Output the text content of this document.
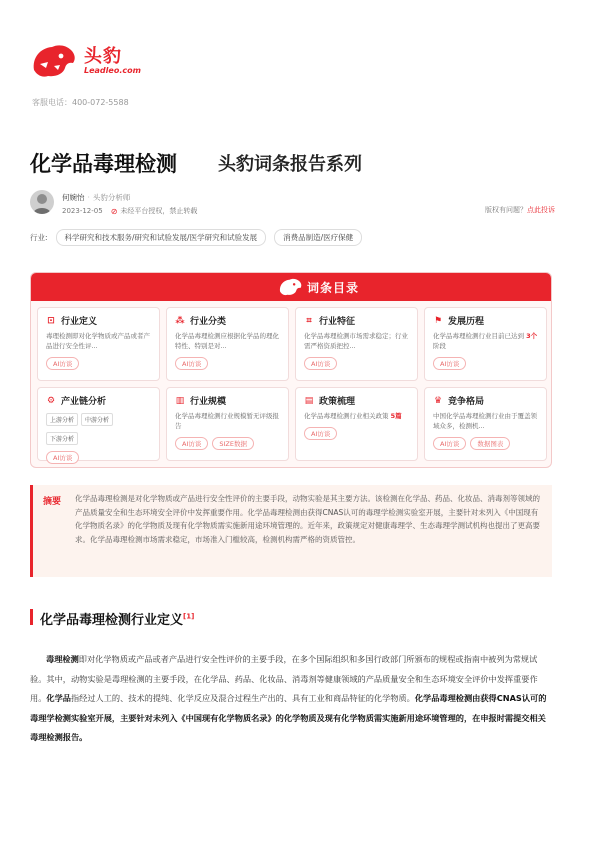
头豹
Leadleo.com
客服电话：400-072-5588
化学品毒理检测 头豹词条报告系列
何婉怡 · 头豹分析师
2023-12-05 ⊘ 未经平台授权，禁止转载	版权有问题？点此投诉
行业:	科学研究和技术服务/研究和试验发展/医学研究和试验发展	消费品制造/医疗保健
词条目录
⊡ 行业定义
毒理检测即对化学物质或产品或者产品进行安全性评...
AI访谈
⁂ 行业分类
化学品毒理检测应根据化学品的理化特性、特别是对...
AI访谈
⌗ 行业特征
化学品毒理检测市场需求稳定；行业需严格资质把控...
AI访谈
⚑ 发展历程
化学品毒理检测行业目前已达到 3个阶段
AI访谈
⚙ 产业链分析
上游分析 中游分析下游分析
AI访谈
▥ 行业规模
化学品毒理检测行业规模暂无评级报告
AI访谈	SIZE数据
▤ 政策梳理
化学品毒理检测行业相关政策 5篇
AI访谈
♛ 竞争格局
中国化学品毒理检测行业由于覆盖领域众多，检测机...
AI访谈	数据图表
摘要 化学品毒理检测是对化学物质或产品进行安全性评价的主要手段，动物实验是其主要方法。该检测在化学品、药品、化妆品、消毒剂等领域的产品质量安全和生态环境安全评价中发挥重要作用。化学品毒理检测由获得CNAS认可的毒理学检测实验室开展，主要针对未列入《中国现有化学物质名录》的化学物质及现有化学物质需实施新用途环境管理的。近年来，政策规定对健康毒理学、生态毒理学测试机构也提出了更高要求。化学品毒理检测市场需求稳定，市场准入门槛较高，检测机构需严格的资质管控。
化学品毒理检测行业定义[1]
毒理检测即对化学物质或产品或者产品进行安全性评价的主要手段，在多个国际组织和多国行政部门所颁布的规程或指南中被列为常规试验。其中，动物实验是毒理检测的主要手段，在化学品、药品、化妆品、消毒剂等健康领域的产品质量安全和生态环境安全评价中发挥重要作用。化学品指经过人工的、技术的提纯、化学反应及混合过程生产出的、具有工业和商品特征的化学物质。化学品毒理检测由获得CNAS认可的毒理学检测实验室开展，主要针对未列入《中国现有化学物质名录》的化学物质及现有化学物质需实施新用途环境管理的，在申报时需提交相关毒理检测报告。
